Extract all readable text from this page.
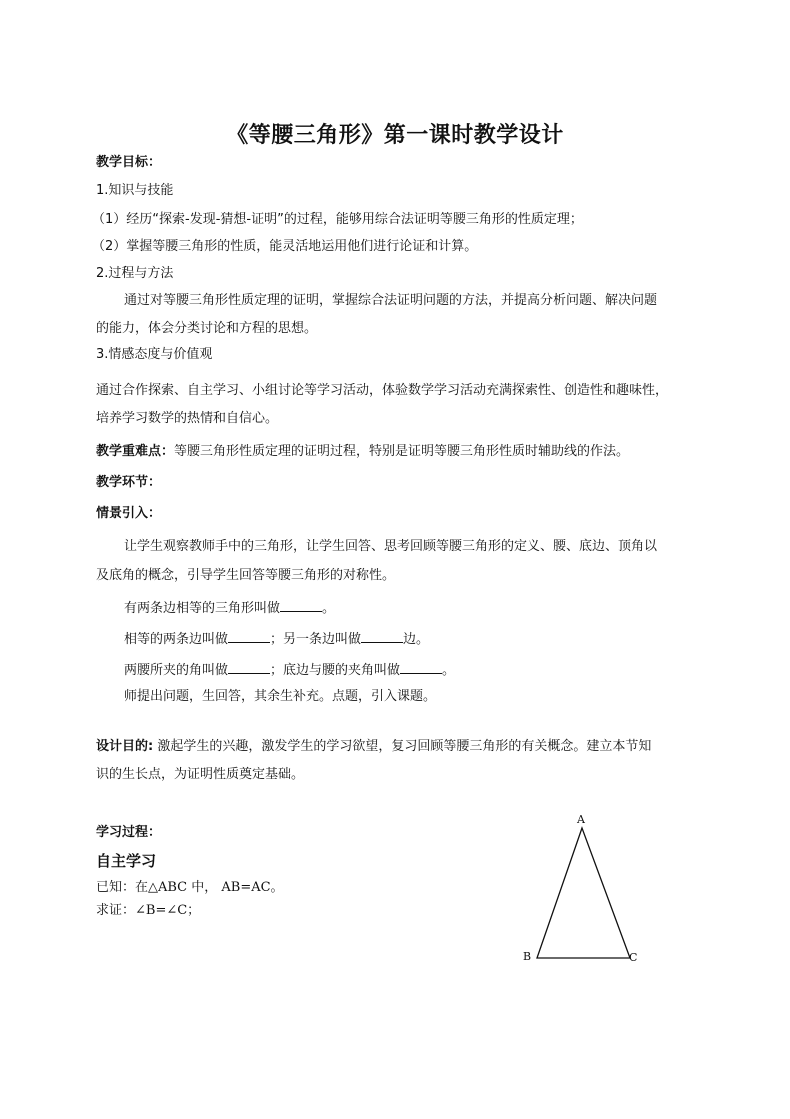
《等腰三角形》第一课时教学设计
教学目标：
1.知识与技能
（1）经历“探索-发现-猜想-证明”的过程，能够用综合法证明等腰三角形的性质定理；
（2）掌握等腰三角形的性质，能灵活地运用他们进行论证和计算。
2.过程与方法
通过对等腰三角形性质定理的证明，掌握综合法证明问题的方法，并提高分析问题、解决问题
的能力，体会分类讨论和方程的思想。
3.情感态度与价值观
通过合作探索、自主学习、小组讨论等学习活动，体验数学学习活动充满探索性、创造性和趣味性，
培养学习数学的热情和自信心。
教学重难点：等腰三角形性质定理的证明过程，特别是证明等腰三角形性质时辅助线的作法。
教学环节：
情景引入：
让学生观察教师手中的三角形，让学生回答、思考回顾等腰三角形的定义、腰、底边、顶角以
及底角的概念，引导学生回答等腰三角形的对称性。
有两条边相等的三角形叫做	。
相等的两条边叫做	；另一条边叫做	边。
两腰所夹的角叫做	；底边与腰的夹角叫做	。
师提出问题，生回答，其余生补充。点题，引入课题。
设计目的: 激起学生的兴趣，激发学生的学习欲望，复习回顾等腰三角形的有关概念。建立本节知
识的生长点，为证明性质奠定基础。
学习过程：
自主学习
已知：在△ABC 中， AB=AC。
求证：∠B=∠C；
A
B	C
